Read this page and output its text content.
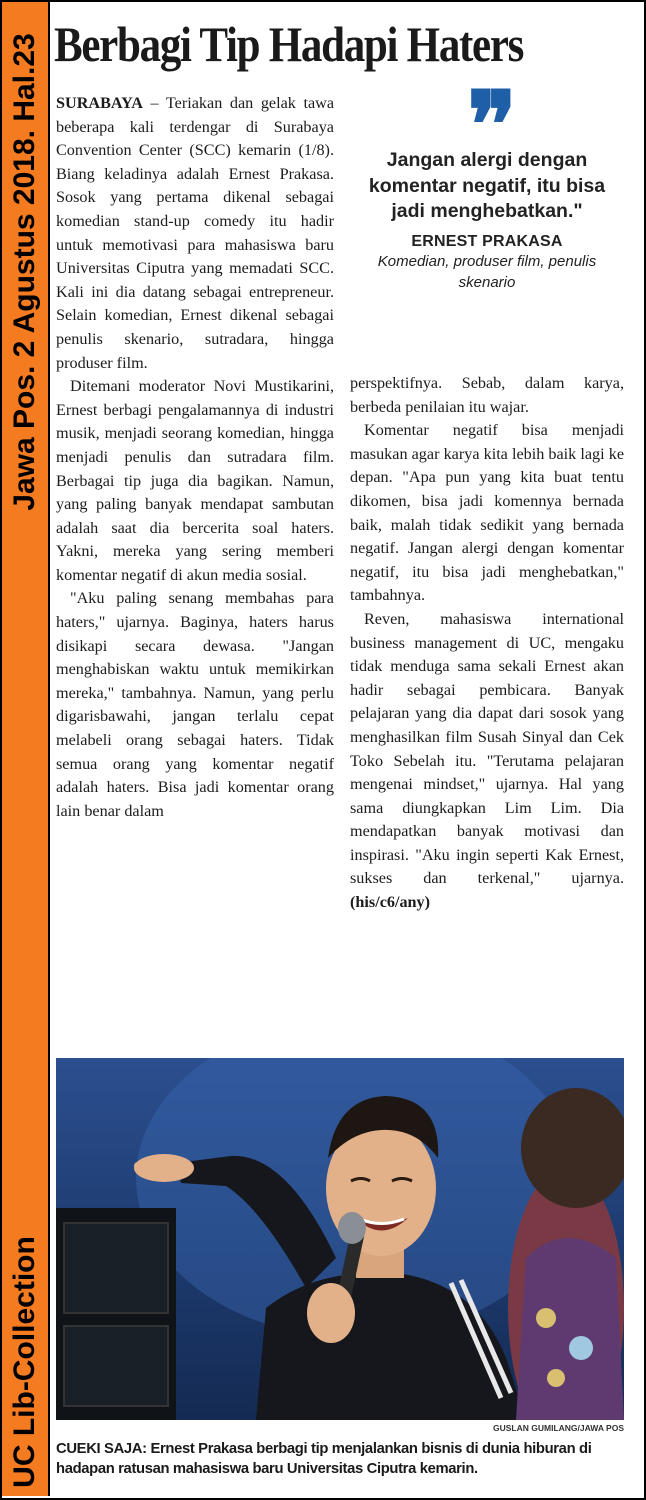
Jawa Pos. 2 Agustus 2018. Hal.23
UC Lib-Collection
Berbagi Tip Hadapi Haters

SURABAYA – Teriakan dan gelak tawa beberapa kali terdengar di Surabaya Convention Center (SCC) kemarin (1/8). Biang keladinya adalah Ernest Prakasa. Sosok yang pertama dikenal sebagai komedian stand-up comedy itu hadir untuk memotivasi para mahasiswa baru Universitas Ciputra yang memadati SCC. Kali ini dia datang sebagai entrepreneur. Selain komedian, Ernest dikenal sebagai penulis skenario, sutradara, hingga produser film.

Ditemani moderator Novi Mustikarini, Ernest berbagi pengalamannya di industri musik, menjadi seorang komedian, hingga menjadi penulis dan sutradara film. Berbagai tip juga dia bagikan. Namun, yang paling banyak mendapat sambutan adalah saat dia bercerita soal haters. Yakni, mereka yang sering memberi komentar negatif di akun media sosial.

"Aku paling senang membahas para haters," ujarnya. Baginya, haters harus disikapi secara dewasa. "Jangan menghabiskan waktu untuk memikirkan mereka," tambahnya. Namun, yang perlu digarisbawahi, jangan terlalu cepat melabeli orang sebagai haters. Tidak semua orang yang komentar negatif adalah haters. Bisa jadi komentar orang lain benar dalam

❞
Jangan alergi dengan komentar negatif, itu bisa jadi menghebatkan."
ERNEST PRAKASA
Komedian, produser film, penulis skenario

perspektifnya. Sebab, dalam karya, berbeda penilaian itu wajar.

Komentar negatif bisa menjadi masukan agar karya kita lebih baik lagi ke depan. "Apa pun yang kita buat tentu dikomen, bisa jadi komennya bernada baik, malah tidak sedikit yang bernada negatif. Jangan alergi dengan komentar negatif, itu bisa jadi menghebatkan," tambahnya.

Reven, mahasiswa international business management di UC, mengaku tidak menduga sama sekali Ernest akan hadir sebagai pembicara. Banyak pelajaran yang dia dapat dari sosok yang menghasilkan film Susah Sinyal dan Cek Toko Sebelah itu. "Terutama pelajaran mengenai mindset," ujarnya. Hal yang sama diungkapkan Lim Lim. Dia mendapatkan banyak motivasi dan inspirasi. "Aku ingin seperti Kak Ernest, sukses dan terkenal," ujarnya. (his/c6/any)

GUSLAN GUMILANG/JAWA POS
CUEKI SAJA: Ernest Prakasa berbagi tip menjalankan bisnis di dunia hiburan di hadapan ratusan mahasiswa baru Universitas Ciputra kemarin.
